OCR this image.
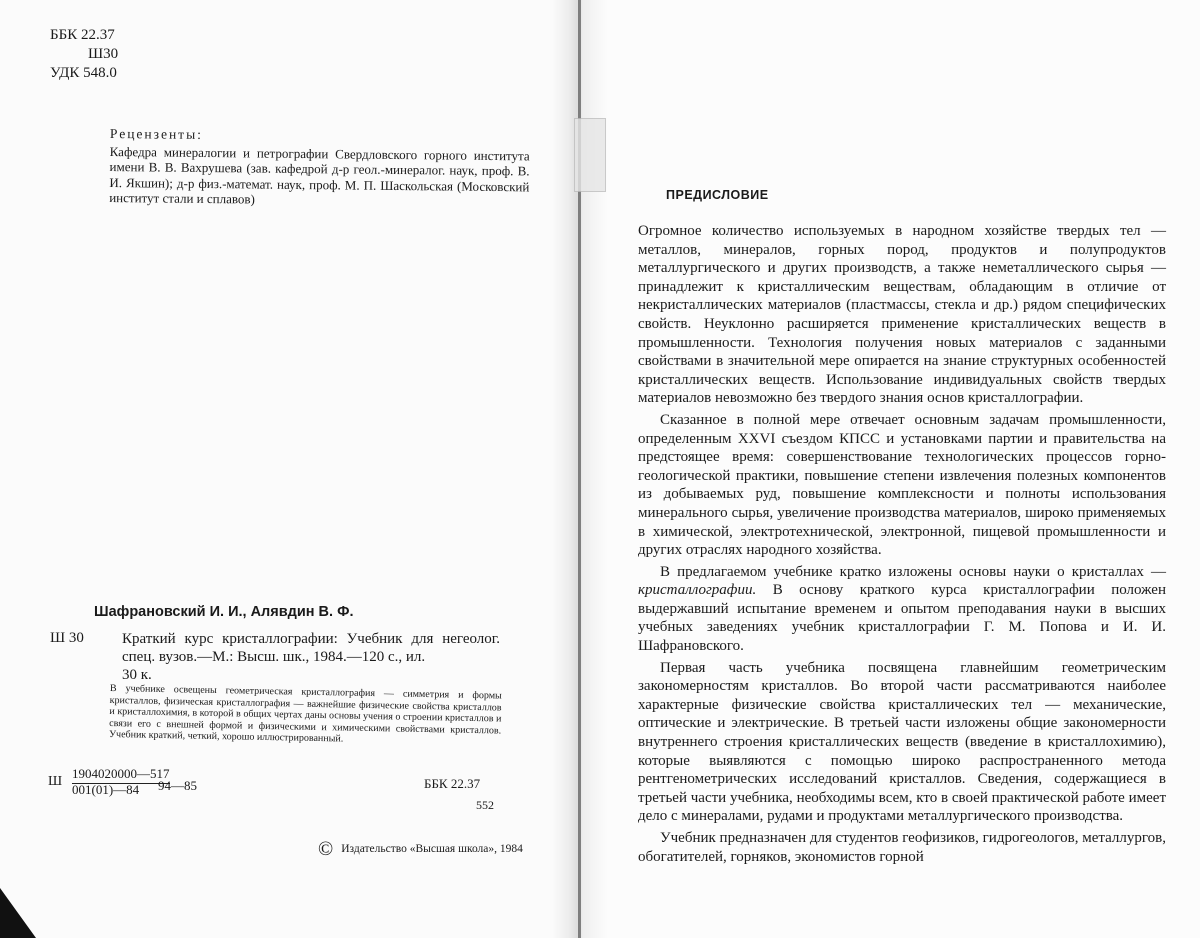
ББК 22.37
Ш30
УДК 548.0
Рецензенты:
Кафедра минералогии и петрографии Свердловского горного института имени В. В. Вахрушева (зав. кафедрой д-р геол.-минералог. наук, проф. В. И. Якшин); д-р физ.-математ. наук, проф. М. П. Шаскольская (Московский институт стали и сплавов)
Шафрановский И. И., Алявдин В. Ф.
Ш 30	Краткий курс кристаллографии: Учебник для негеолог. спец. вузов.—М.: Высш. шк., 1984.—120 с., ил.
30 к.
В учебнике освещены геометрическая кристаллография — симметрия и формы кристаллов, физическая кристаллография — важнейшие физические свойства кристаллов и кристаллохимия, в которой в общих чертах даны основы учения о строении кристаллов и связи его с внешней формой и физическими и химическими свойствами кристаллов. Учебник краткий, четкий, хорошо иллюстрированный.
Ш
1904020000—517
001(01)—84 94—85	ББК 22.37
552
© Издательство «Высшая школа», 1984
ПРЕДИСЛОВИЕ

Огромное количество используемых в народном хозяйстве твердых тел — металлов, минералов, горных пород, продуктов и полупродуктов металлургического и других производств, а также неметаллического сырья — принадлежит к кристаллическим веществам, обладающим в отличие от некристаллических материалов (пластмассы, стекла и др.) рядом специфических свойств. Неуклонно расширяется применение кристаллических веществ в промышленности. Технология получения новых материалов с заданными свойствами в значительной мере опирается на знание структурных особенностей кристаллических веществ. Использование индивидуальных свойств твердых материалов невозможно без твердого знания основ кристаллографии.

Сказанное в полной мере отвечает основным задачам промышленности, определенным XXVI съездом КПСС и установками партии и правительства на предстоящее время: совершенствование технологических процессов горно-геологической практики, повышение степени извлечения полезных компонентов из добываемых руд, повышение комплексности и полноты использования минерального сырья, увеличение производства материалов, широко применяемых в химической, электротехнической, электронной, пищевой промышленности и других отраслях народного хозяйства.

В предлагаемом учебнике кратко изложены основы науки о кристаллах — кристаллографии. В основу краткого курса кристаллографии положен выдержавший испытание временем и опытом преподавания науки в высших учебных заведениях учебник кристаллографии Г. М. Попова и И. И. Шафрановского.

Первая часть учебника посвящена главнейшим геометрическим закономерностям кристаллов. Во второй части рассматриваются наиболее характерные физические свойства кристаллических тел — механические, оптические и электрические. В третьей части изложены общие закономерности внутреннего строения кристаллических веществ (введение в кристаллохимию), которые выявляются с помощью широко распространенного метода рентгенометрических исследований кристаллов. Сведения, содержащиеся в третьей части учебника, необходимы всем, кто в своей практической работе имеет дело с минералами, рудами и продуктами металлургического производства.

Учебник предназначен для студентов геофизиков, гидрогеологов, металлургов, обогатителей, горняков, экономистов горной
